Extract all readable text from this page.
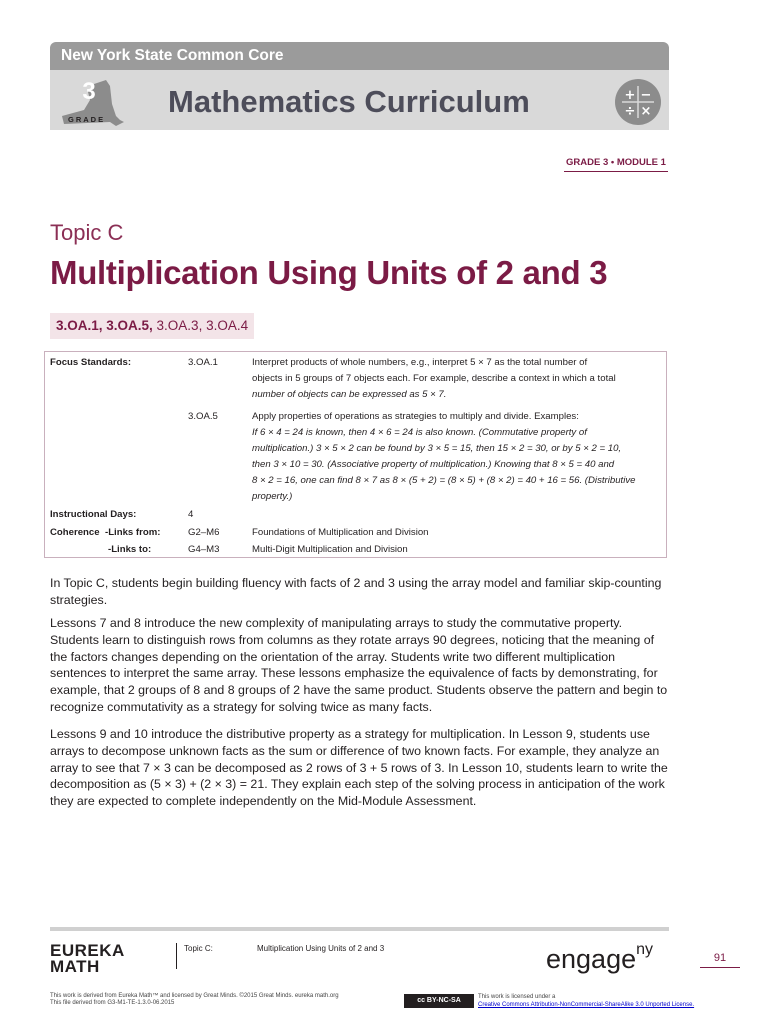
New York State Common Core
3
GRADE
Mathematics Curriculum	+ −
÷ ×
GRADE 3 • MODULE 1
Topic C
Multiplication Using Units of 2 and 3
3.OA.1, 3.OA.5, 3.OA.3, 3.OA.4
Focus Standards:	3.OA.1	Interpret products of whole numbers, e.g., interpret 5 × 7 as the total number of
objects in 5 groups of 7 objects each. For example, describe a context in which a total
number of objects can be expressed as 5 × 7.
3.OA.5	Apply properties of operations as strategies to multiply and divide. Examples:
If 6 × 4 = 24 is known, then 4 × 6 = 24 is also known. (Commutative property of
multiplication.) 3 × 5 × 2 can be found by 3 × 5 = 15, then 15 × 2 = 30, or by 5 × 2 = 10,
then 3 × 10 = 30. (Associative property of multiplication.) Knowing that 8 × 5 = 40 and
8 × 2 = 16, one can find 8 × 7 as 8 × (5 + 2) = (8 × 5) + (8 × 2) = 40 + 16 = 56. (Distributive
property.)
Instructional Days:	4
Coherence -Links from:	G2–M6	Foundations of Multiplication and Division
-Links to:	G4–M3	Multi-Digit Multiplication and Division
In Topic C, students begin building fluency with facts of 2 and 3 using the array model and familiar skip-counting strategies.
Lessons 7 and 8 introduce the new complexity of manipulating arrays to study the commutative property. Students learn to distinguish rows from columns as they rotate arrays 90 degrees, noticing that the meaning of the factors changes depending on the orientation of the array. Students write two different multiplication sentences to interpret the same array. These lessons emphasize the equivalence of facts by demonstrating, for example, that 2 groups of 8 and 8 groups of 2 have the same product. Students observe the pattern and begin to recognize commutativity as a strategy for solving twice as many facts.
Lessons 9 and 10 introduce the distributive property as a strategy for multiplication. In Lesson 9, students use arrays to decompose unknown facts as the sum or difference of two known facts. For example, they analyze an array to see that 7 × 3 can be decomposed as 2 rows of 3 + 5 rows of 3. In Lesson 10, students learn to write the decomposition as (5 × 3) + (2 × 3) = 21. They explain each step of the solving process in anticipation of the work they are expected to complete independently on the Mid-Module Assessment.
EUREKA
MATH
Topic C:	Multiplication Using Units of 2 and 3	engage$^{ny}$	91
This work is derived from Eureka Math™ and licensed by Great Minds. ©2015 Great Minds. eureka math.org
This file derived from G3-M1-TE-1.3.0-06.2015	cc BY-NC-SA	This work is licensed under a
Creative Commons Attribution-NonCommercial-ShareAlike 3.0 Unported License.
